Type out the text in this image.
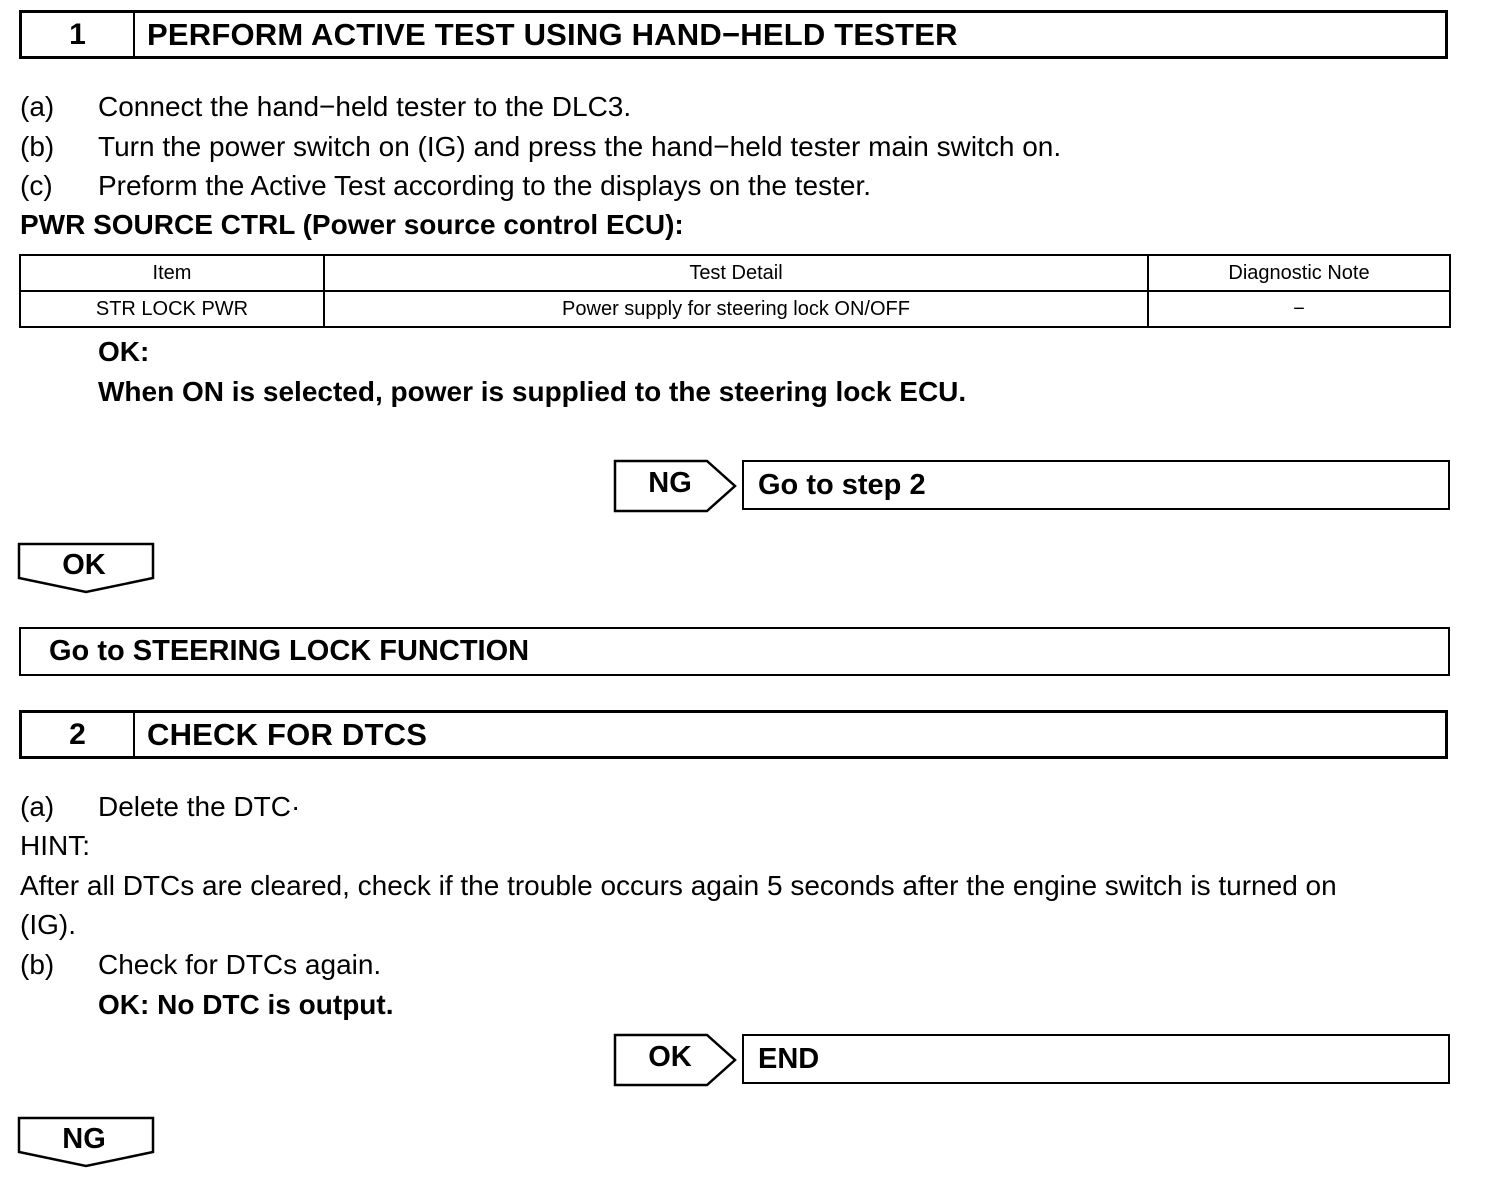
1	PERFORM ACTIVE TEST USING HAND−HELD TESTER
(a) Connect the hand−held tester to the DLC3.
(b) Turn the power switch on (IG) and press the hand−held tester main switch on.
(c) Preform the Active Test according to the displays on the tester.
PWR SOURCE CTRL (Power source control ECU):
Item	Test Detail	Diagnostic Note
STR LOCK PWR	Power supply for steering lock ON/OFF	−
OK:
When ON is selected, power is supplied to the steering lock ECU.
NG	Go to step 2
OK
Go to STEERING LOCK FUNCTION
2	CHECK FOR DTCS
(a) Delete the DTC·
HINT:
After all DTCs are cleared, check if the trouble occurs again 5 seconds after the engine switch is turned on
(IG).
(b) Check for DTCs again.
OK: No DTC is output.
OK	END
NG
